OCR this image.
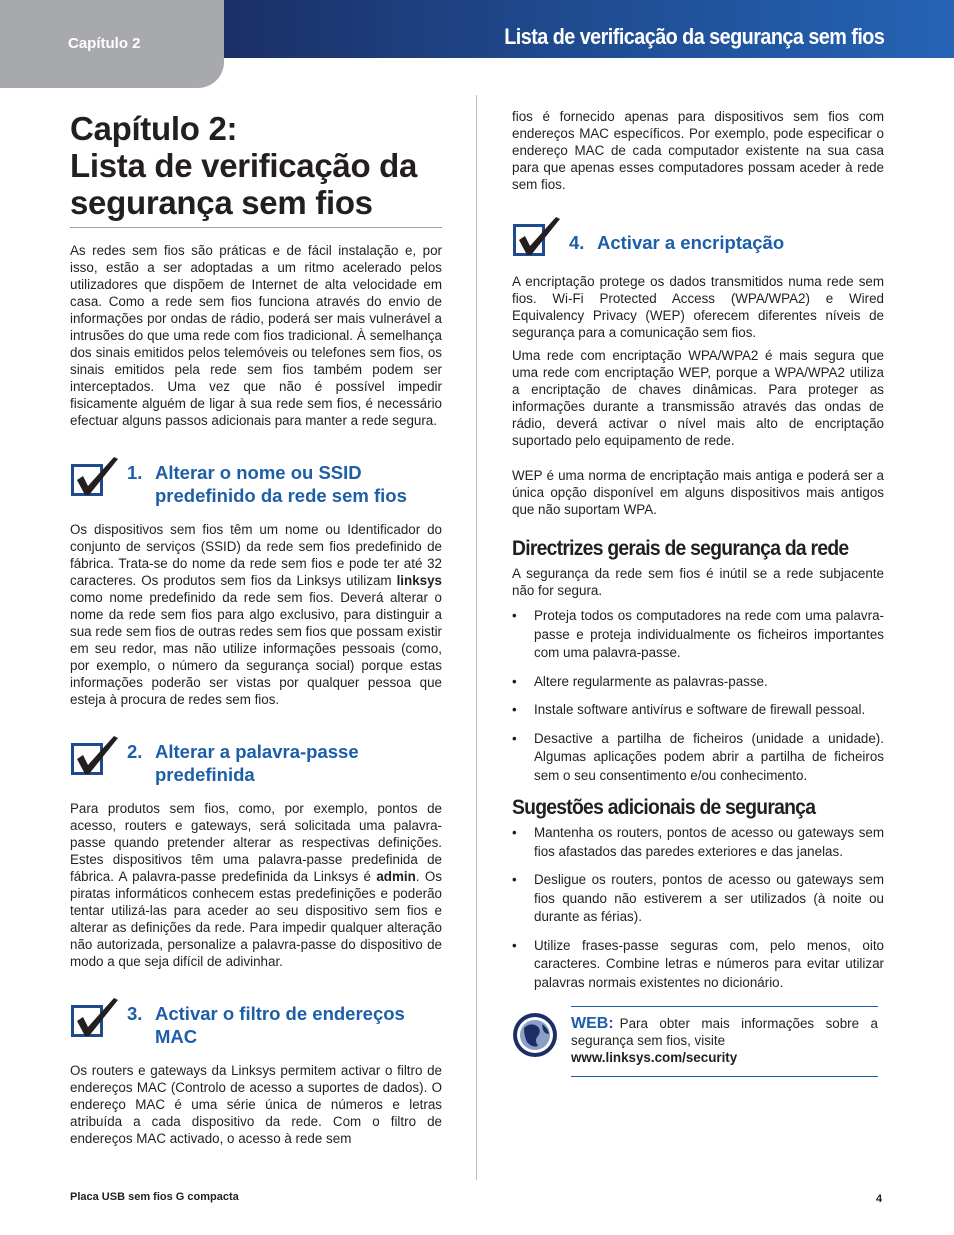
Capítulo 2	Lista de verificação da segurança sem fios
Capítulo 2:
Lista de verificação da
segurança sem fios

As redes sem fios são práticas e de fácil instalação e, por isso, estão a ser adoptadas a um ritmo acelerado pelos utilizadores que dispõem de Internet de alta velocidade em casa. Como a rede sem fios funciona através do envio de informações por ondas de rádio, poderá ser mais vulnerável a intrusões do que uma rede com fios tradicional. À semelhança dos sinais emitidos pelos telemóveis ou telefones sem fios, os sinais emitidos pela rede sem fios também podem ser interceptados. Uma vez que não é possível impedir fisicamente alguém de ligar à sua rede sem fios, é necessário efectuar alguns passos adicionais para manter a rede segura.

1. Alterar o nome ou SSID
predefinido da rede sem fios

Os dispositivos sem fios têm um nome ou Identificador do conjunto de serviços (SSID) da rede sem fios predefinido de fábrica. Trata-se do nome da rede sem fios e pode ter até 32 caracteres. Os produtos sem fios da Linksys utilizam linksys como nome predefinido da rede sem fios. Deverá alterar o nome da rede sem fios para algo exclusivo, para distinguir a sua rede sem fios de outras redes sem fios que possam existir em seu redor, mas não utilize informações pessoais (como, por exemplo, o número da segurança social) porque estas informações poderão ser vistas por qualquer pessoa que esteja à procura de redes sem fios.

2. Alterar a palavra-passe
predefinida

Para produtos sem fios, como, por exemplo, pontos de acesso, routers e gateways, será solicitada uma palavra-passe quando pretender alterar as respectivas definições. Estes dispositivos têm uma palavra-passe predefinida de fábrica. A palavra-passe predefinida da Linksys é admin. Os piratas informáticos conhecem estas predefinições e poderão tentar utilizá-las para aceder ao seu dispositivo sem fios e alterar as definições da rede. Para impedir qualquer alteração não autorizada, personalize a palavra-passe do dispositivo de modo a que seja difícil de adivinhar.

3. Activar o filtro de endereços
MAC

Os routers e gateways da Linksys permitem activar o filtro de endereços MAC (Controlo de acesso a suportes de dados). O endereço MAC é uma série única de números e letras atribuída a cada dispositivo da rede. Com o filtro de endereços MAC activado, o acesso à rede sem

fios é fornecido apenas para dispositivos sem fios com endereços MAC específicos. Por exemplo, pode especificar o endereço MAC de cada computador existente na sua casa para que apenas esses computadores possam aceder à rede sem fios.

4. Activar a encriptação

A encriptação protege os dados transmitidos numa rede sem fios. Wi-Fi Protected Access (WPA/WPA2) e Wired Equivalency Privacy (WEP) oferecem diferentes níveis de segurança para a comunicação sem fios.

Uma rede com encriptação WPA/WPA2 é mais segura que uma rede com encriptação WEP, porque a WPA/WPA2 utiliza a encriptação de chaves dinâmicas. Para proteger as informações durante a transmissão através das ondas de rádio, deverá activar o nível mais alto de encriptação suportado pelo equipamento de rede.

WEP é uma norma de encriptação mais antiga e poderá ser a única opção disponível em alguns dispositivos mais antigos que não suportam WPA.

Directrizes gerais de segurança da rede

A segurança da rede sem fios é inútil se a rede subjacente não for segura.

• Proteja todos os computadores na rede com uma palavra-passe e proteja individualmente os ficheiros importantes com uma palavra-passe.
• Altere regularmente as palavras-passe.
• Instale software antivírus e software de firewall pessoal.
• Desactive a partilha de ficheiros (unidade a unidade). Algumas aplicações podem abrir a partilha de ficheiros sem o seu consentimento e/ou conhecimento.
Sugestões adicionais de segurança
• Mantenha os routers, pontos de acesso ou gateways sem fios afastados das paredes exteriores e das janelas.
• Desligue os routers, pontos de acesso ou gateways sem fios quando não estiverem a ser utilizados (à noite ou durante as férias).
• Utilize frases-passe seguras com, pelo menos, oito caracteres. Combine letras e números para evitar utilizar palavras normais existentes no dicionário.

WEB: Para obter mais informações sobre a segurança sem fios, visite
www.linksys.com/security

Placa USB sem fios G compacta	4
